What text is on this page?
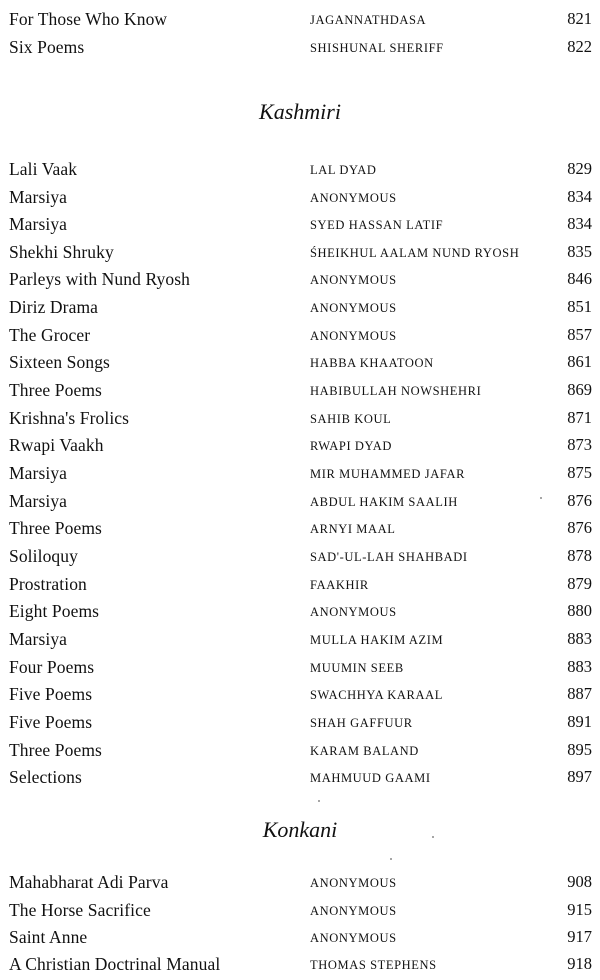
For Those Who Know	JAGANNATHDASA	821
Six Poems	SHISHUNAL SHERIFF	822
Kashmiri
Lali Vaak	LAL DYAD	829
Marsiya	ANONYMOUS	834
Marsiya	SYED HASSAN LATIF	834
Shekhi Shruky	ŚHEIKHUL AALAM NUND RYOSH	835
Parleys with Nund Ryosh	ANONYMOUS	846
Diriz Drama	ANONYMOUS	851
The Grocer	ANONYMOUS	857
Sixteen Songs	HABBA KHAATOON	861
Three Poems	HABIBULLAH NOWSHEHRI	869
Krishna's Frolics	SAHIB KOUL	871
Rwapi Vaakh	RWAPI DYAD	873
Marsiya	MIR MUHAMMED JAFAR	875
Marsiya	ABDUL HAKIM SAALIH	876
Three Poems	ARNYI MAAL	876
Soliloquy	SAD'-UL-LAH SHAHBADI	878
Prostration	FAAKHIR	879
Eight Poems	ANONYMOUS	880
Marsiya	MULLA HAKIM AZIM	883
Four Poems	MUUMIN SEEB	883
Five Poems	SWACHHYA KARAAL	887
Five Poems	SHAH GAFFUUR	891
Three Poems	KARAM BALAND	895
Selections	MAHMUUD GAAMI	897
Konkani
Mahabharat Adi Parva	ANONYMOUS	908
The Horse Sacrifice	ANONYMOUS	915
Saint Anne	ANONYMOUS	917
A Christian Doctrinal Manual	THOMAS STEPHENS	918
